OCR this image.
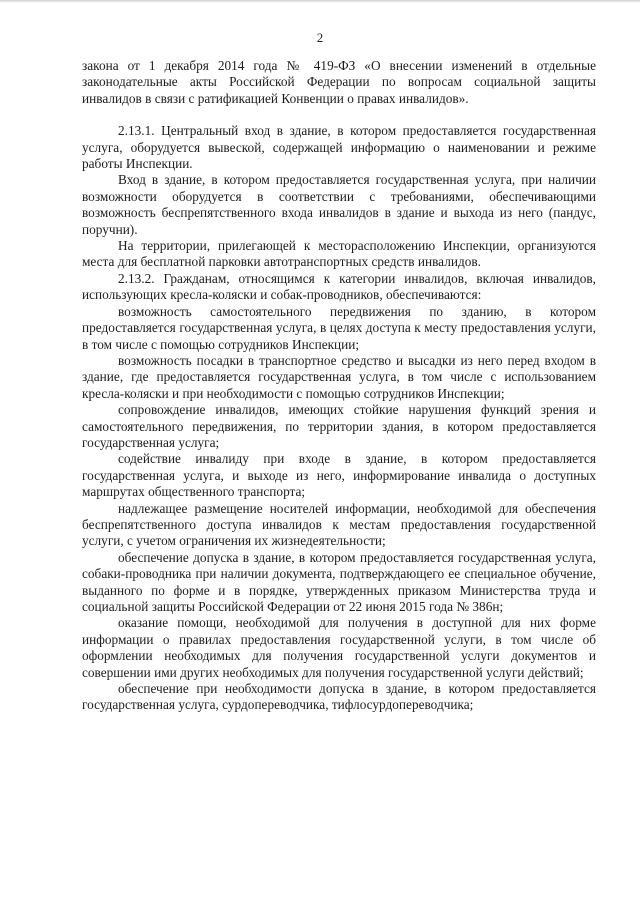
2

закона от 1 декабря 2014 года № 419-ФЗ «О внесении изменений в отдельные законодательные акты Российской Федерации по вопросам социальной защиты инвалидов в связи с ратификацией Конвенции о правах инвалидов».

2.13.1. Центральный вход в здание, в котором предоставляется государственная услуга, оборудуется вывеской, содержащей информацию о наименовании и режиме работы Инспекции.

Вход в здание, в котором предоставляется государственная услуга, при наличии возможности оборудуется в соответствии с требованиями, обеспечивающими возможность беспрепятственного входа инвалидов в здание и выхода из него (пандус, поручни).

На территории, прилегающей к месторасположению Инспекции, организуются места для бесплатной парковки автотранспортных средств инвалидов.

2.13.2. Гражданам, относящимся к категории инвалидов, включая инвалидов, использующих кресла-коляски и собак-проводников, обеспечиваются:

возможность самостоятельного передвижения по зданию, в котором предоставляется государственная услуга, в целях доступа к месту предоставления услуги, в том числе с помощью сотрудников Инспекции;

возможность посадки в транспортное средство и высадки из него перед входом в здание, где предоставляется государственная услуга, в том числе с использованием кресла-коляски и при необходимости с помощью сотрудников Инспекции;

сопровождение инвалидов, имеющих стойкие нарушения функций зрения и самостоятельного передвижения, по территории здания, в котором предоставляется государственная услуга;

содействие инвалиду при входе в здание, в котором предоставляется государственная услуга, и выходе из него, информирование инвалида о доступных маршрутах общественного транспорта;

надлежащее размещение носителей информации, необходимой для обеспечения беспрепятственного доступа инвалидов к местам предоставления государственной услуги, с учетом ограничения их жизнедеятельности;

обеспечение допуска в здание, в котором предоставляется государственная услуга, собаки-проводника при наличии документа, подтверждающего ее специальное обучение, выданного по форме и в порядке, утвержденных приказом Министерства труда и социальной защиты Российской Федерации от 22 июня 2015 года № 386н;

оказание помощи, необходимой для получения в доступной для них форме информации о правилах предоставления государственной услуги, в том числе об оформлении необходимых для получения государственной услуги документов и совершении ими других необходимых для получения государственной услуги действий;

обеспечение при необходимости допуска в здание, в котором предоставляется государственная услуга, сурдопереводчика, тифлосурдопереводчика;
